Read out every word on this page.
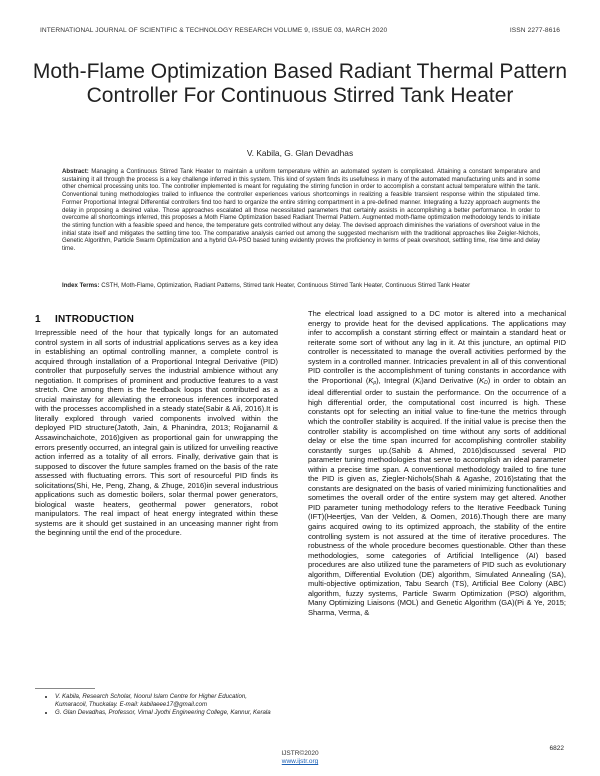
INTERNATIONAL JOURNAL OF SCIENTIFIC & TECHNOLOGY RESEARCH VOLUME 9, ISSUE 03, MARCH 2020	ISSN 2277-8616
Moth-Flame Optimization Based Radiant Thermal Pattern Controller For Continuous Stirred Tank Heater
V. Kabila, G. Glan Devadhas
Abstract: Managing a Continuous Stirred Tank Heater to maintain a uniform temperature within an automated system is complicated. Attaining a constant temperature and sustaining it all through the process is a key challenge inferred in this system. This kind of system finds its usefulness in many of the automated manufacturing units and in some other chemical processing units too. The controller implemented is meant for regulating the stirring function in order to accomplish a constant actual temperature within the tank. Conventional tuning methodologies trailed to influence the controller experiences various shortcomings in realizing a feasible transient response within the stipulated time. Former Proportional Integral Differential controllers find too hard to organize the entire stirring compartment in a pre-defined manner. Integrating a fuzzy approach augments the delay in proposing a desired value. Those approaches escalated all those necessitated parameters that certainly assists in accomplishing a better performance. In order to overcome all shortcomings inferred, this proposes a Moth Flame Optimization based Radiant Thermal Pattern. Augmented moth-flame optimization methodology tends to initiate the stirring function with a feasible speed and hence, the temperature gets controlled without any delay. The devised approach diminishes the variations of overshoot value in the initial state itself and mitigates the settling time too. The comparative analysis carried out among the suggested mechanism with the traditional approaches like Zeigler-Nichols, Genetic Algorithm, Particle Swarm Optimization and a hybrid GA-PSO based tuning evidently proves the proficiency in terms of peak overshoot, settling time, rise time and delay time.
Index Terms: CSTH, Moth-Flame, Optimization, Radiant Patterns, Stirred tank Heater, Continuous Stirred Tank Heater, Continuous Stirred Tank Heater
1 INTRODUCTION
Irrepressible need of the hour that typically longs for an automated control system in all sorts of industrial applications serves as a key idea in establishing an optimal controlling manner, a complete control is acquired through installation of a Proportional Integral Derivative (PID) controller that purposefully serves the industrial ambience without any negotiation. It comprises of prominent and productive features to a vast stretch. One among them is the feedback loops that contributed as a crucial mainstay for alleviating the erroneous inferences incorporated with the processes accomplished in a steady state(Sabir & Ali, 2016).It is literally explored through varied components involved within the deployed PID structure(Jatoth, Jain, & Phanindra, 2013; Rojjanarnil & Assawinchaichote, 2016)given as proportional gain for unwrapping the errors presently occurred, an integral gain is utilized for unveiling reactive action inferred as a totality of all errors. Finally, derivative gain that is supposed to discover the future samples framed on the basis of the rate assessed with fluctuating errors. This sort of resourceful PID finds its solicitations(Shi, He, Peng, Zhang, & Zhuge, 2016)in several industrious applications such as domestic boilers, solar thermal power generators, biological waste heaters, geothermal power generators, robot manipulators. The real impact of heat energy integrated within these systems are it should get sustained in an unceasing manner right from the beginning until the end of the procedure.
The electrical load assigned to a DC motor is altered into a mechanical energy to provide heat for the devised applications. The applications may infer to accomplish a constant stirring effect or maintain a standard heat or reiterate some sort of without any lag in it. At this juncture, an optimal PID controller is necessitated to manage the overall activities performed by the system in a controlled manner. Intricacies prevalent in all of this conventional PID controller is the accomplishment of tuning constants in accordance with the Proportional $(K_p)$, Integral $(K_i)and$ Derivative $(K_D)$ in order to obtain an ideal differential order to sustain the performance. On the occurrence of a high differential order, the computational cost incurred is high. These constants opt for selecting an initial value to fine-tune the metrics through which the controller stability is acquired. If the initial value is precise then the controller stability is accomplished on time without any sorts of additional delay or else the time span incurred for accomplishing controller stability constantly surges up.(Sahib & Ahmed, 2016)discussed several PID parameter tuning methodologies that serve to accomplish an ideal parameter within a precise time span. A conventional methodology trailed to fine tune the PID is given as, Ziegler-Nichols(Shah & Agashe, 2016)stating that the constants are designated on the basis of varied minimizing functionalities and sometimes the overall order of the entire system may get altered. Another PID parameter tuning methodology refers to the Iterative Feedback Tuning (IFT)(Heertjes, Van der Velden, & Oomen, 2016).Though there are many gains acquired owing to its optimized approach, the stability of the entire controlling system is not assured at the time of iterative procedures. The robustness of the whole procedure becomes questionable. Other than these methodologies, some categories of Artificial Intelligence (AI) based procedures are also utilized tune the parameters of PID such as evolutionary algorithm, Differential Evolution (DE) algorithm, Simulated Annealing (SA), multi-objective optimization, Tabu Search (TS), Artificial Bee Colony (ABC) algorithm, fuzzy systems, Particle Swarm Optimization (PSO) algorithm, Many Optimizing Liaisons (MOL) and Genetic Algorithm (GA)(Pi & Ye, 2015; Sharma, Verma, &
• V. Kabila, Research Scholar, Noorul Islam Centre for Higher Education, Kumaracoil, Thuckalay. E-mail: kabilaeee17@gmail.com
• G. Glan Devadhas, Professor, Vimal Jyothi Engineering College, Kannur, Kerala
6822
IJSTR©2020
www.ijstr.org
